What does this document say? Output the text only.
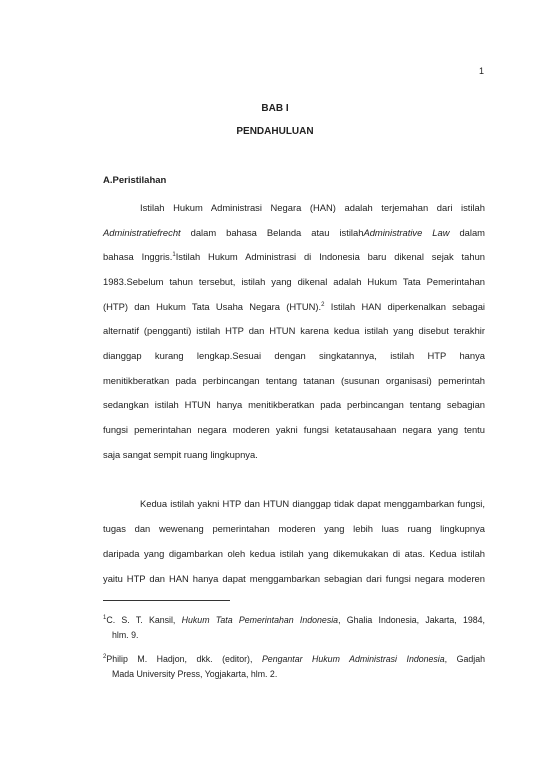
1
BAB I
PENDAHULUAN
A.Peristilahan
Istilah Hukum Administrasi Negara (HAN) adalah terjemahan dari istilah
Administratiefrecht dalam bahasa Belanda atau istilahAdministrative Law dalam
bahasa Inggris.$^1$Istilah Hukum Administrasi di Indonesia baru dikenal sejak tahun
1983.Sebelum tahun tersebut, istilah yang dikenal adalah Hukum Tata Pemerintahan
(HTP) dan Hukum Tata Usaha Negara (HTUN).$^2$ Istilah HAN diperkenalkan sebagai
alternatif (pengganti) istilah HTP dan HTUN karena kedua istilah yang disebut terakhir
dianggap kurang lengkap.Sesuai dengan singkatannya, istilah HTP hanya
menitikberatkan pada perbincangan tentang tatanan (susunan organisasi) pemerintah
sedangkan istilah HTUN hanya menitikberatkan pada perbincangan tentang sebagian
fungsi pemerintahan negara moderen yakni fungsi ketatausahaan negara yang tentu
saja sangat sempit ruang lingkupnya.
Kedua istilah yakni HTP dan HTUN dianggap tidak dapat menggambarkan fungsi,
tugas dan wewenang pemerintahan moderen yang lebih luas ruang lingkupnya
daripada yang digambarkan oleh kedua istilah yang dikemukakan di atas. Kedua istilah
yaitu HTP dan HAN hanya dapat menggambarkan sebagian dari fungsi negara moderen
$^1$C. S. T. Kansil, Hukum Tata Pemerintahan Indonesia, Ghalia Indonesia, Jakarta, 1984,
hlm. 9.
$^2$Philip M. Hadjon, dkk. (editor), Pengantar Hukum Administrasi Indonesia, Gadjah
Mada University Press, Yogjakarta, hlm. 2.
